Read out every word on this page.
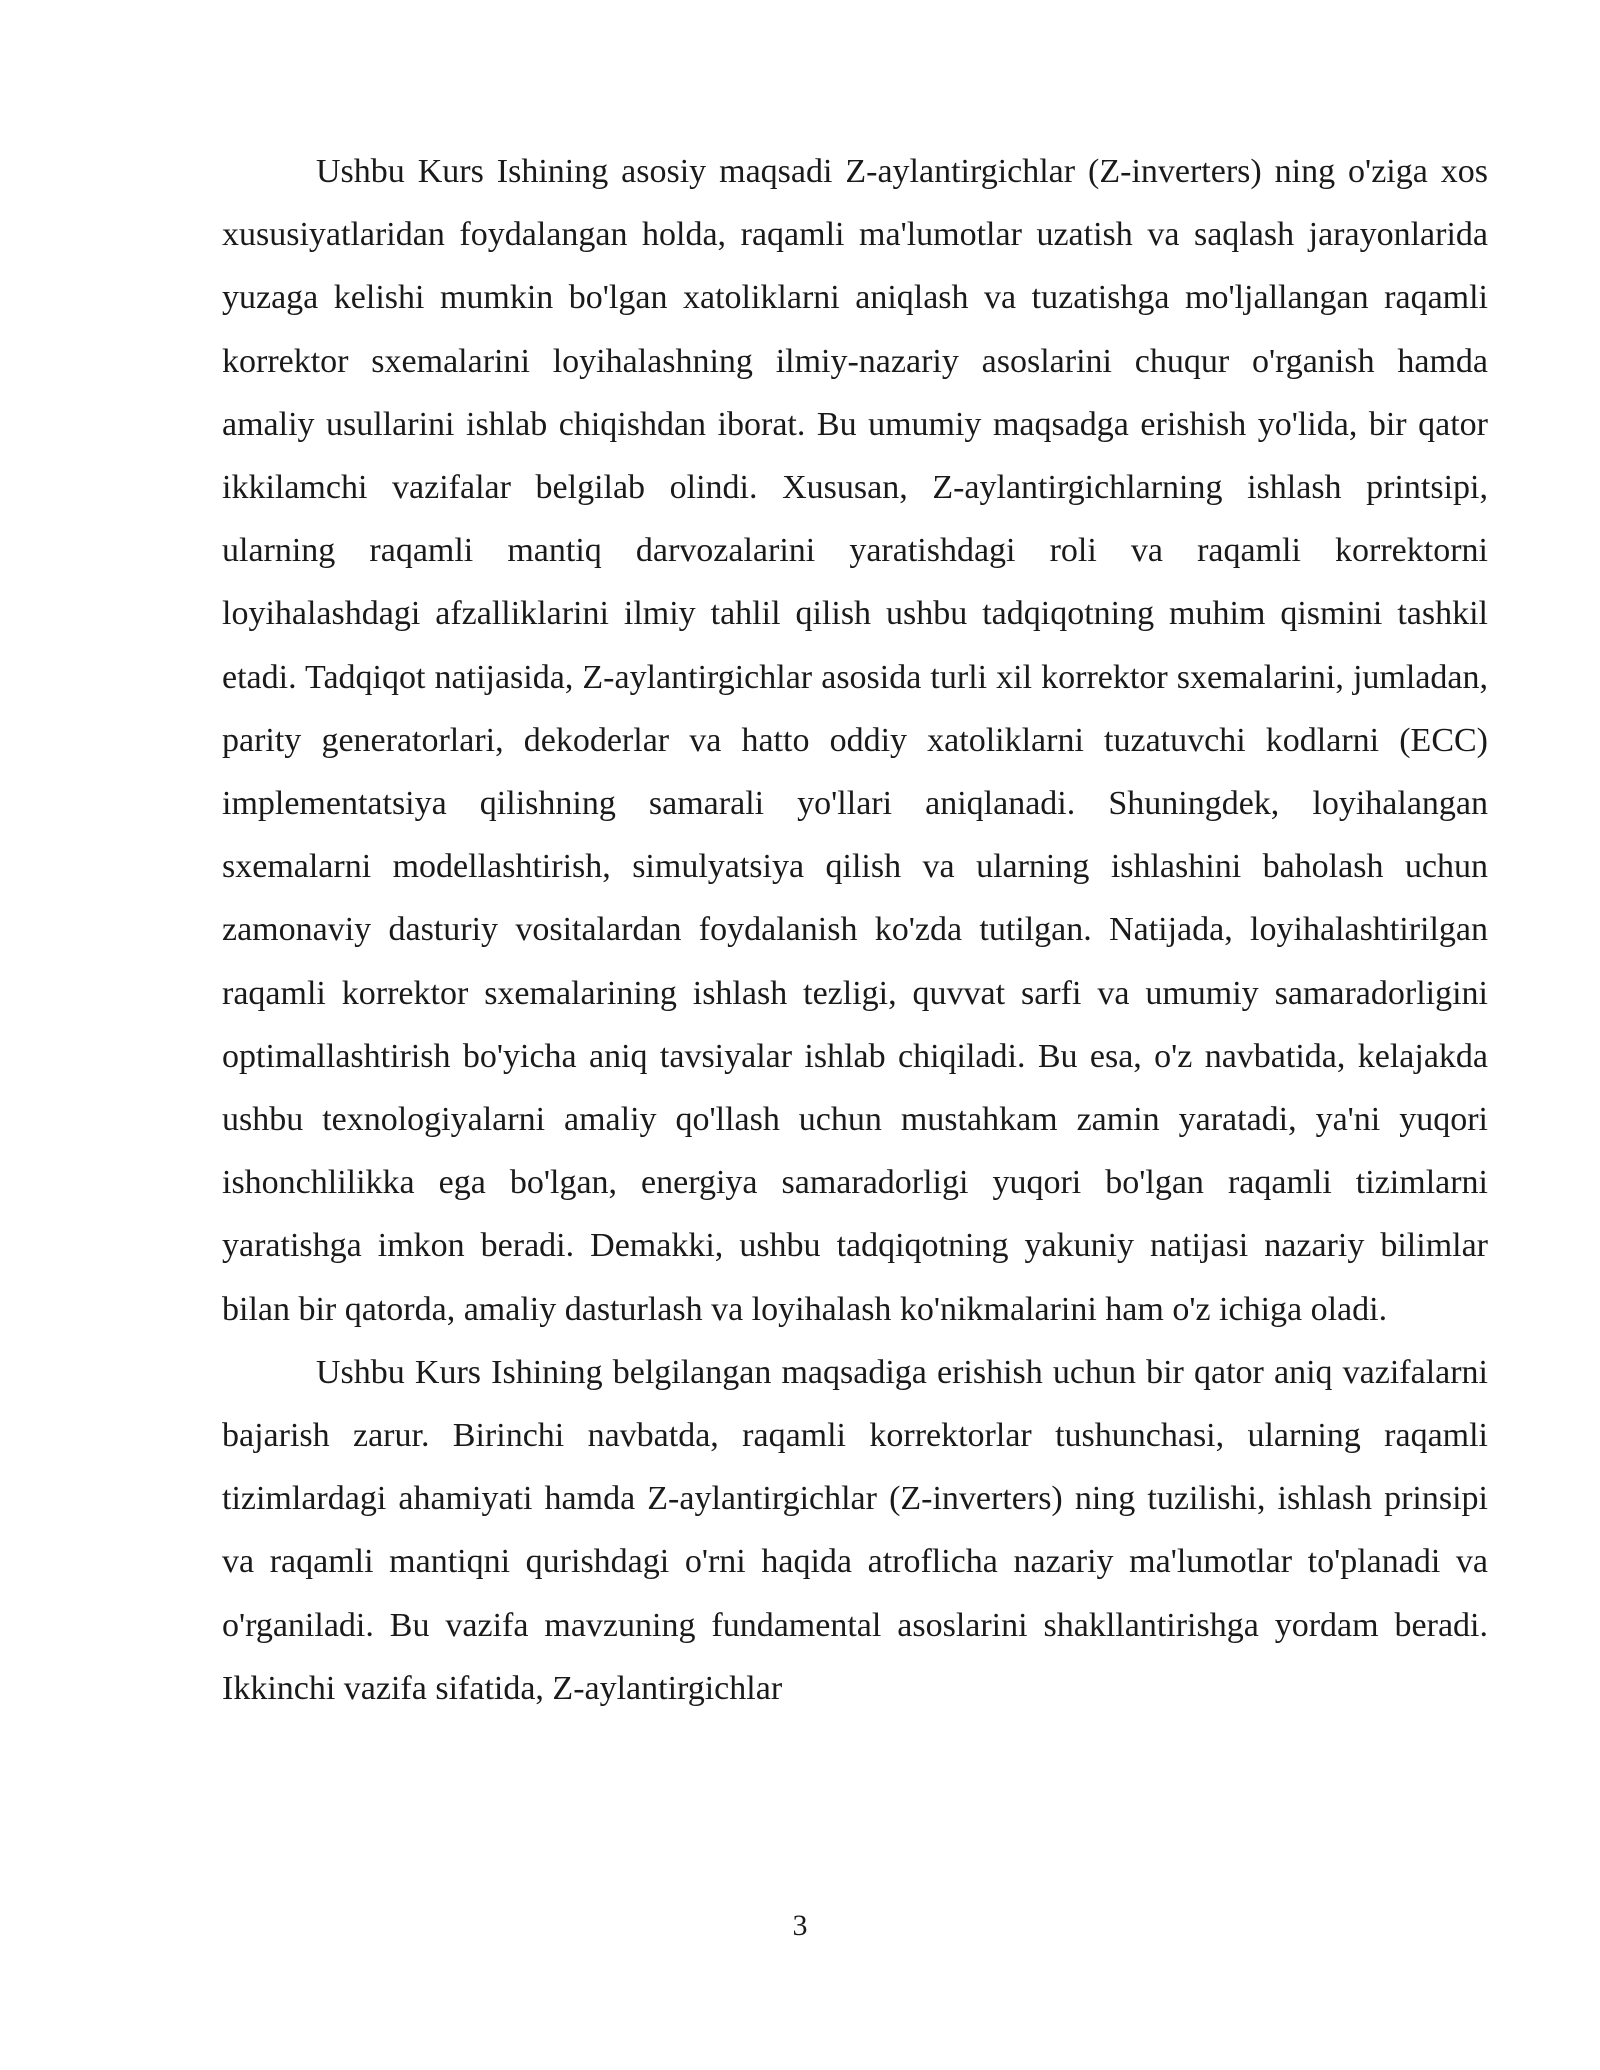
Ushbu Kurs Ishining asosiy maqsadi Z-aylantirgichlar (Z-inverters) ning o'ziga xos xususiyatlaridan foydalangan holda, raqamli ma'lumotlar uzatish va saqlash jarayonlarida yuzaga kelishi mumkin bo'lgan xatoliklarni aniqlash va tuzatishga mo'ljallangan raqamli korrektor sxemalarini loyihalashning ilmiy-nazariy asoslarini chuqur o'rganish hamda amaliy usullarini ishlab chiqishdan iborat. Bu umumiy maqsadga erishish yo'lida, bir qator ikkilamchi vazifalar belgilab olindi. Xususan, Z-aylantirgichlarning ishlash printsipi, ularning raqamli mantiq darvozalarini yaratishdagi roli va raqamli korrektorni loyihalashdagi afzalliklarini ilmiy tahlil qilish ushbu tadqiqotning muhim qismini tashkil etadi. Tadqiqot natijasida, Z-aylantirgichlar asosida turli xil korrektor sxemalarini, jumladan, parity generatorlari, dekoderlar va hatto oddiy xatoliklarni tuzatuvchi kodlarni (ECC) implementatsiya qilishning samarali yo'llari aniqlanadi. Shuningdek, loyihalangan sxemalarni modellashtirish, simulyatsiya qilish va ularning ishlashini baholash uchun zamonaviy dasturiy vositalardan foydalanish ko'zda tutilgan. Natijada, loyihalashtirilgan raqamli korrektor sxemalarining ishlash tezligi, quvvat sarfi va umumiy samaradorligini optimallashtirish bo'yicha aniq tavsiyalar ishlab chiqiladi. Bu esa, o'z navbatida, kelajakda ushbu texnologiyalarni amaliy qo'llash uchun mustahkam zamin yaratadi, ya'ni yuqori ishonchlilikka ega bo'lgan, energiya samaradorligi yuqori bo'lgan raqamli tizimlarni yaratishga imkon beradi. Demakki, ushbu tadqiqotning yakuniy natijasi nazariy bilimlar bilan bir qatorda, amaliy dasturlash va loyihalash ko'nikmalarini ham o'z ichiga oladi.

Ushbu Kurs Ishining belgilangan maqsadiga erishish uchun bir qator aniq vazifalarni bajarish zarur. Birinchi navbatda, raqamli korrektorlar tushunchasi, ularning raqamli tizimlardagi ahamiyati hamda Z-aylantirgichlar (Z-inverters) ning tuzilishi, ishlash prinsipi va raqamli mantiqni qurishdagi o'rni haqida atroflicha nazariy ma'lumotlar to'planadi va o'rganiladi. Bu vazifa mavzuning fundamental asoslarini shakllantirishga yordam beradi. Ikkinchi vazifa sifatida, Z-aylantirgichlar

3
